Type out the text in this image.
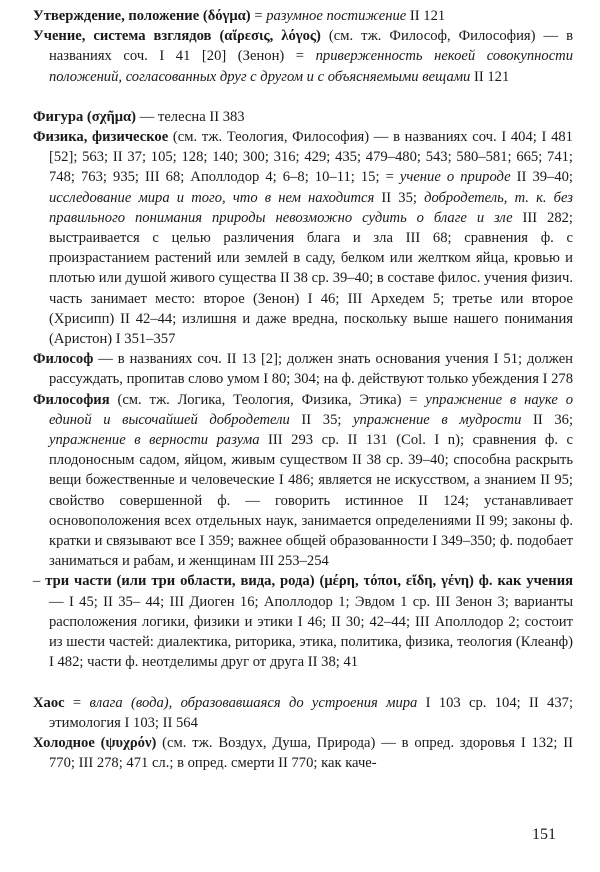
Утверждение, положение (δόγμα) = разумное постижение II 121
Учение, система взглядов (αἵρεσις, λόγος) (см. тж. Философ, Философия) — в названиях соч. I 41 [20] (Зенон) = приверженность некоей совокупности положений, согласованных друг с другом и с объясняемыми вещами II 121
Фигура (σχῆμα) — телесна II 383
Физика, физическое (см. тж. Теология, Философия) — в названиях соч. I 404; I 481 [52]; 563; II 37; 105; 128; 140; 300; 316; 429; 435; 479–480; 543; 580–581; 665; 741; 748; 763; 935; III 68; Аполлодор 4; 6–8; 10–11; 15; = учение о природе II 39–40; исследование мира и того, что в нем находится II 35; добродетель, т. к. без правильного понимания природы невозможно судить о благе и зле III 282; выстраивается с целью различения блага и зла III 68; сравнения ф. с произрастанием растений или землей в саду, белком или желтком яйца, кровью и плотью или душой живого существа II 38 ср. 39–40; в составе филос. учения физич. часть занимает место: второе (Зенон) I 46; III Архедем 5; третье или второе (Хрисипп) II 42–44; излишня и даже вредна, поскольку выше нашего понимания (Аристон) I 351–357
Философ — в названиях соч. II 13 [2]; должен знать основания учения I 51; должен рассуждать, пропитав слово умом I 80; 304; на ф. действуют только убеждения I 278
Философия (см. тж. Логика, Теология, Физика, Этика) = упражнение в науке о единой и высочайшей добродетели II 35; упражнение в мудрости II 36; упражнение в верности разума III 293 ср. II 131 (Col. I n); сравнения ф. с плодоносным садом, яйцом, живым существом II 38 ср. 39–40; способна раскрыть вещи божественные и человеческие I 486; является не искусством, а знанием II 95; свойство совершенной ф. — говорить истинное II 124; устанавливает основоположения всех отдельных наук, занимается определениями II 99; законы ф. кратки и связывают все I 359; важнее общей образованности I 349–350; ф. подобает заниматься и рабам, и женщинам III 253–254
– три части (или три области, вида, рода) (μέρη, τόποι, εἴδη, γένη) ф. как учения — I 45; II 35– 44; III Диоген 16; Аполлодор 1; Эвдом 1 ср. III Зенон 3; варианты расположения логики, физики и этики I 46; II 30; 42–44; III Аполлодор 2; состоит из шести частей: диалектика, риторика, этика, политика, физика, теология (Клеанф) I 482; части ф. неотделимы друг от друга II 38; 41
Хаос = влага (вода), образовавшаяся до устроения мира I 103 ср. 104; II 437; этимология I 103; II 564
Холодное (ψυχρόν) (см. тж. Воздух, Душа, Природа) — в опред. здоровья I 132; II 770; III 278; 471 сл.; в опред. смерти II 770; как каче-
151
